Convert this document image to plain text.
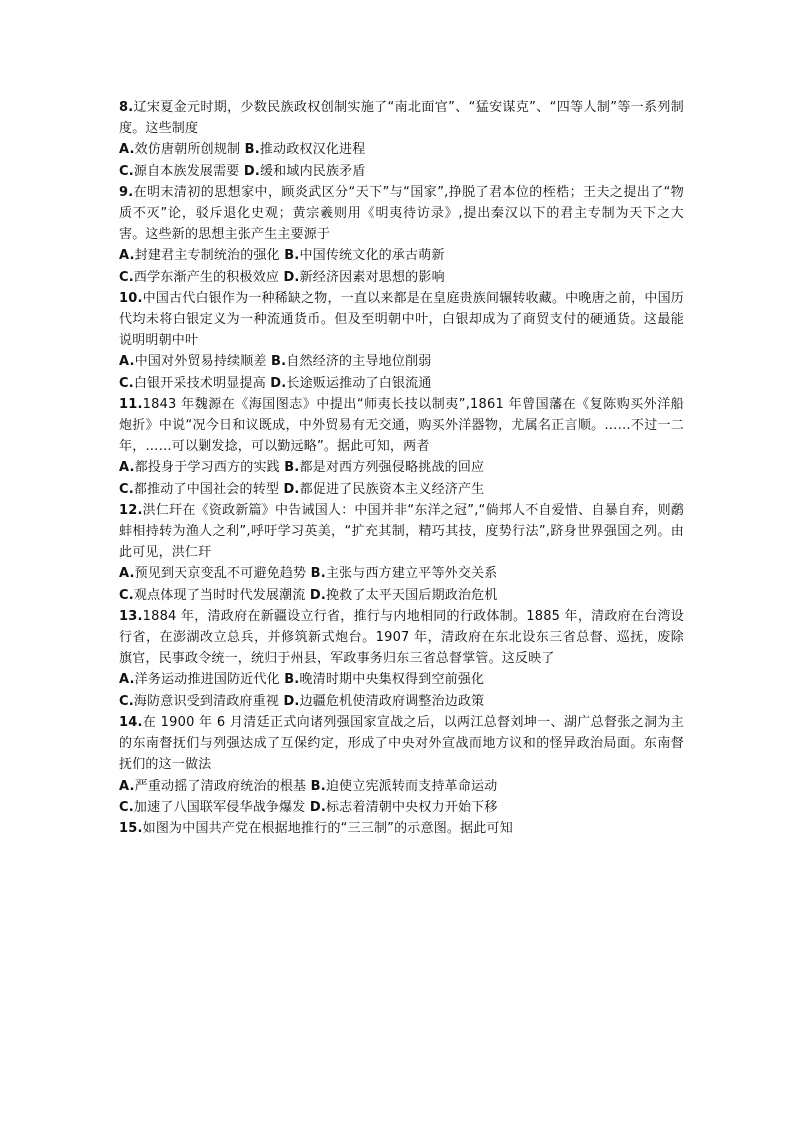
8.辽宋夏金元时期，少数民族政权创制实施了“南北面官”、“猛安谋克”、“四等人制”等一系列制度。这些制度

A.效仿唐朝所创规制 B.推动政权汉化进程

C.源自本族发展需要 D.缓和域内民族矛盾

9.在明末清初的思想家中，顾炎武区分“天下”与“国家”,挣脱了君本位的桎梏；王夫之提出了“物质不灭”论，驳斥退化史观；黄宗羲则用《明夷待访录》,提出秦汉以下的君主专制为天下之大害。这些新的思想主张产生主要源于

A.封建君主专制统治的强化 B.中国传统文化的承古萌新

C.西学东渐产生的积极效应 D.新经济因素对思想的影响

10.中国古代白银作为一种稀缺之物，一直以来都是在皇庭贵族间辗转收藏。中晚唐之前，中国历代均未将白银定义为一种流通货币。但及至明朝中叶，白银却成为了商贸支付的硬通货。这最能说明明朝中叶

A.中国对外贸易持续顺差 B.自然经济的主导地位削弱

C.白银开采技术明显提高 D.长途贩运推动了白银流通

11.1843 年魏源在《海国图志》中提出“师夷长技以制夷”,1861 年曾国藩在《复陈购买外洋船炮折》中说“况今日和议既成，中外贸易有无交通，购买外洋器物，尤属名正言顺。……不过一二年，……可以剿发捻，可以勤远略”。据此可知，两者

A.都投身于学习西方的实践 B.都是对西方列强侵略挑战的回应

C.都推动了中国社会的转型 D.都促进了民族资本主义经济产生

12.洪仁玕在《资政新篇》中告诫国人：中国并非“东洋之冠”,“倘邦人不自爱惜、自暴自弃，则鹬蚌相持转为渔人之利”,呼吁学习英美，“扩充其制，精巧其技，度势行法”,跻身世界强国之列。由此可见，洪仁玕

A.预见到天京变乱不可避免趋势 B.主张与西方建立平等外交关系

C.观点体现了当时时代发展潮流 D.挽救了太平天国后期政治危机

13.1884 年，清政府在新疆设立行省，推行与内地相同的行政体制。1885 年，清政府在台湾设行省，在澎湖改立总兵，并修筑新式炮台。1907 年，清政府在东北设东三省总督、巡抚，废除旗官，民事政令统一，统归于州县，军政事务归东三省总督掌管。这反映了

A.洋务运动推进国防近代化 B.晚清时期中央集权得到空前强化

C.海防意识受到清政府重视 D.边疆危机使清政府调整治边政策

14.在 1900 年 6 月清廷正式向诸列强国家宣战之后，以两江总督刘坤一、湖广总督张之洞为主的东南督抚们与列强达成了互保约定，形成了中央对外宣战而地方议和的怪异政治局面。东南督抚们的这一做法

A.严重动摇了清政府统治的根基 B.迫使立宪派转而支持革命运动

C.加速了八国联军侵华战争爆发 D.标志着清朝中央权力开始下移

15.如图为中国共产党在根据地推行的“三三制”的示意图。据此可知
